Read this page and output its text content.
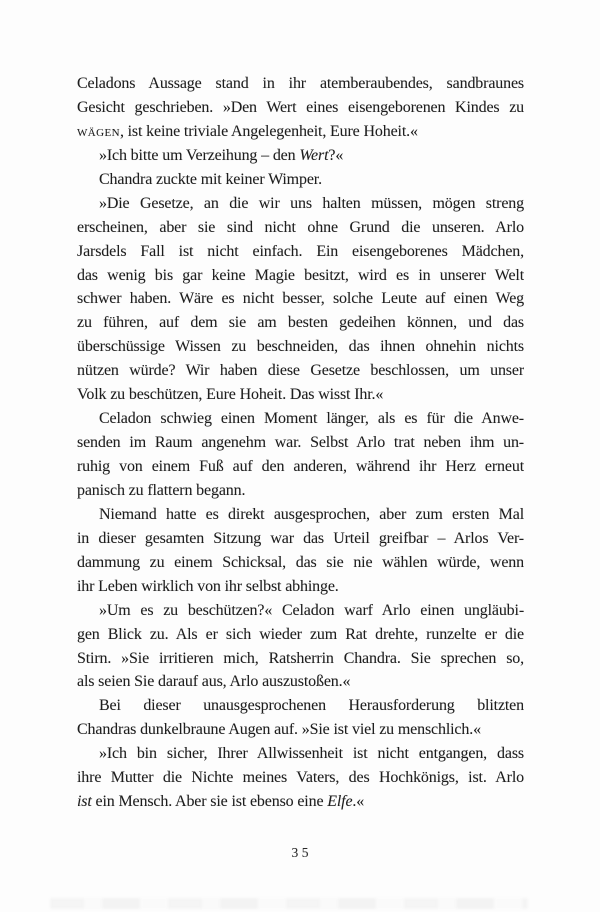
Celadons Aussage stand in ihr atemberaubendes, sandbraunes
Gesicht geschrieben. »Den Wert eines eisengeborenen Kindes zu
wägen, ist keine triviale Angelegenheit, Eure Hoheit.«
»Ich bitte um Verzeihung – den Wert?«
Chandra zuckte mit keiner Wimper.
»Die Gesetze, an die wir uns halten müssen, mögen streng
erscheinen, aber sie sind nicht ohne Grund die unseren. Arlo
Jarsdels Fall ist nicht einfach. Ein eisengeborenes Mädchen,
das wenig bis gar keine Magie besitzt, wird es in unserer Welt
schwer haben. Wäre es nicht besser, solche Leute auf einen Weg
zu führen, auf dem sie am besten gedeihen können, und das
überschüssige Wissen zu beschneiden, das ihnen ohnehin nichts
nützen würde? Wir haben diese Gesetze beschlossen, um unser
Volk zu beschützen, Eure Hoheit. Das wisst Ihr.«
Celadon schwieg einen Moment länger, als es für die Anwe-
senden im Raum angenehm war. Selbst Arlo trat neben ihm un-
ruhig von einem Fuß auf den anderen, während ihr Herz erneut
panisch zu flattern begann.
Niemand hatte es direkt ausgesprochen, aber zum ersten Mal
in dieser gesamten Sitzung war das Urteil greifbar – Arlos Ver-
dammung zu einem Schicksal, das sie nie wählen würde, wenn
ihr Leben wirklich von ihr selbst abhinge.
»Um es zu beschützen?« Celadon warf Arlo einen ungläubi-
gen Blick zu. Als er sich wieder zum Rat drehte, runzelte er die
Stirn. »Sie irritieren mich, Ratsherrin Chandra. Sie sprechen so,
als seien Sie darauf aus, Arlo auszustoßen.«
Bei dieser unausgesprochenen Herausforderung blitzten
Chandras dunkelbraune Augen auf. »Sie ist viel zu menschlich.«
»Ich bin sicher, Ihrer Allwissenheit ist nicht entgangen, dass
ihre Mutter die Nichte meines Vaters, des Hochkönigs, ist. Arlo
ist ein Mensch. Aber sie ist ebenso eine Elfe.«
35
